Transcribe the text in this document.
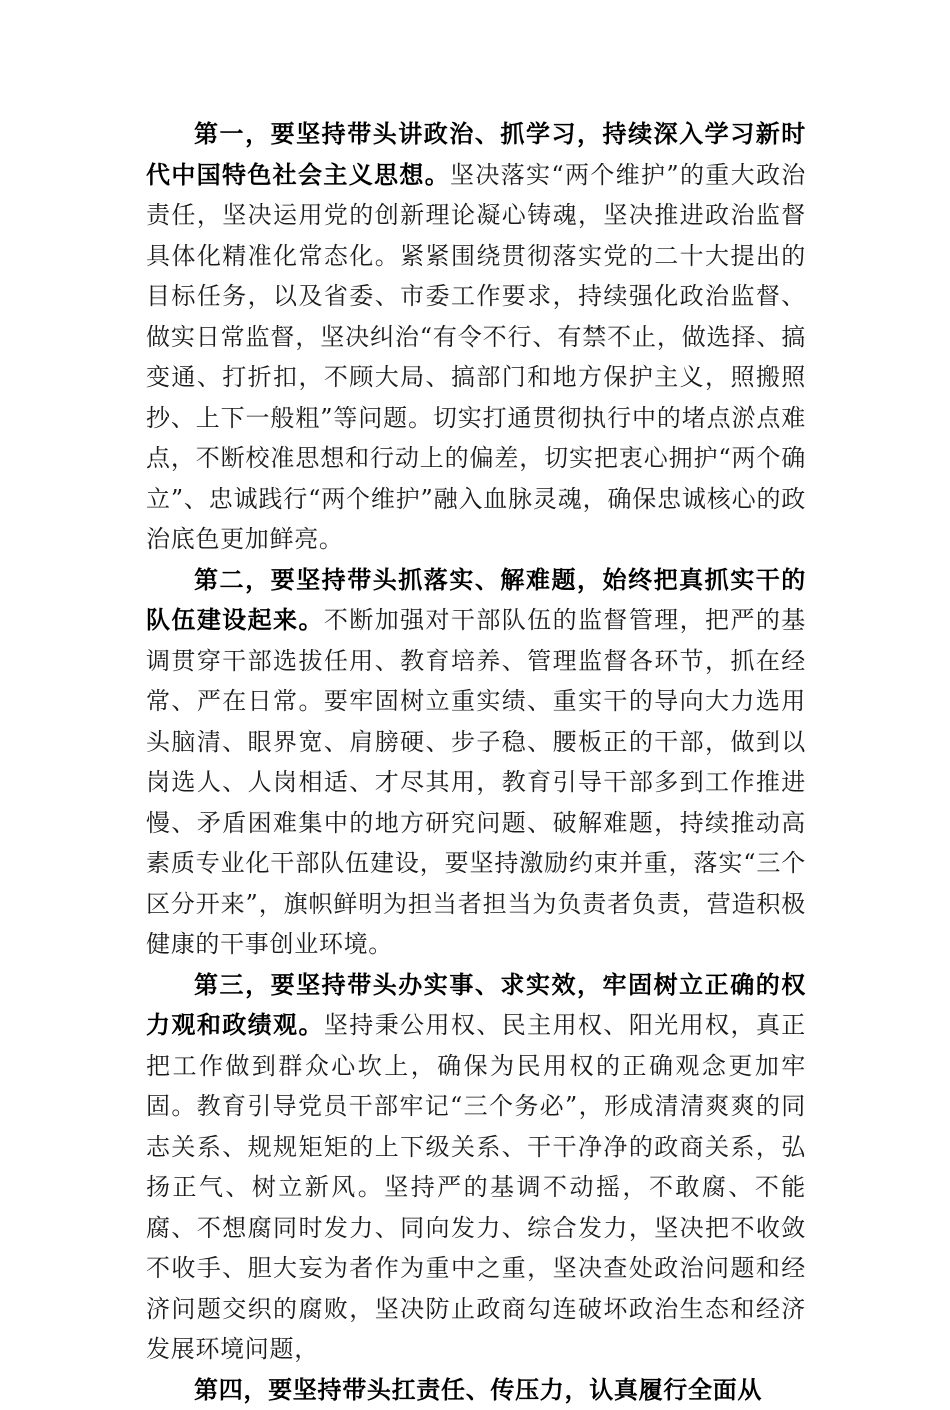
第一，要坚持带头讲政治、抓学习，持续深入学习新时代中国特色社会主义思想。坚决落实“两个维护”的重大政治责任，坚决运用党的创新理论凝心铸魂，坚决推进政治监督具体化精准化常态化。紧紧围绕贯彻落实党的二十大提出的目标任务，以及省委、市委工作要求，持续强化政治监督、做实日常监督，坚决纠治“有令不行、有禁不止，做选择、搞变通、打折扣，不顾大局、搞部门和地方保护主义，照搬照抄、上下一般粗”等问题。切实打通贯彻执行中的堵点淤点难点，不断校准思想和行动上的偏差，切实把衷心拥护“两个确立”、忠诚践行“两个维护”融入血脉灵魂，确保忠诚核心的政治底色更加鲜亮。

第二，要坚持带头抓落实、解难题，始终把真抓实干的队伍建设起来。不断加强对干部队伍的监督管理，把严的基调贯穿干部选拔任用、教育培养、管理监督各环节，抓在经常、严在日常。要牢固树立重实绩、重实干的导向大力选用头脑清、眼界宽、肩膀硬、步子稳、腰板正的干部，做到以岗选人、人岗相适、才尽其用，教育引导干部多到工作推进慢、矛盾困难集中的地方研究问题、破解难题，持续推动高素质专业化干部队伍建设，要坚持激励约束并重，落实“三个区分开来”，旗帜鲜明为担当者担当为负责者负责，营造积极健康的干事创业环境。

第三，要坚持带头办实事、求实效，牢固树立正确的权力观和政绩观。坚持秉公用权、民主用权、阳光用权，真正把工作做到群众心坎上，确保为民用权的正确观念更加牢固。教育引导党员干部牢记“三个务必”，形成清清爽爽的同志关系、规规矩矩的上下级关系、干干净净的政商关系，弘扬正气、树立新风。坚持严的基调不动摇，不敢腐、不能腐、不想腐同时发力、同向发力、综合发力，坚决把不收敛不收手、胆大妄为者作为重中之重，坚决查处政治问题和经济问题交织的腐败，坚决防止政商勾连破坏政治生态和经济发展环境问题，

第四，要坚持带头扛责任、传压力，认真履行全面从
